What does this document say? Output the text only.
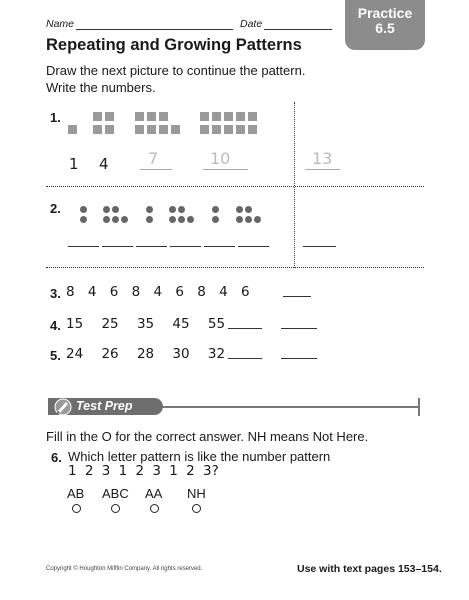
Name	Date
Practice
6.5
Repeating and Growing Patterns
Draw the next picture to continue the pattern.
Write the numbers.
1.
1 4 7	10	13
2.
3. 8 4 6 8 4 6 8 4 6
4. 15 25 35 45 55
5. 24 26 28 30 32
Test Prep
Fill in the O for the correct answer. NH means Not Here.
6. Which letter pattern is like the number pattern
1 2 3 1 2 3 1 2 3?
AB ABC AA NH
Copyright © Houghton Mifflin Company. All rights reserved.	Use with text pages 153–154.
